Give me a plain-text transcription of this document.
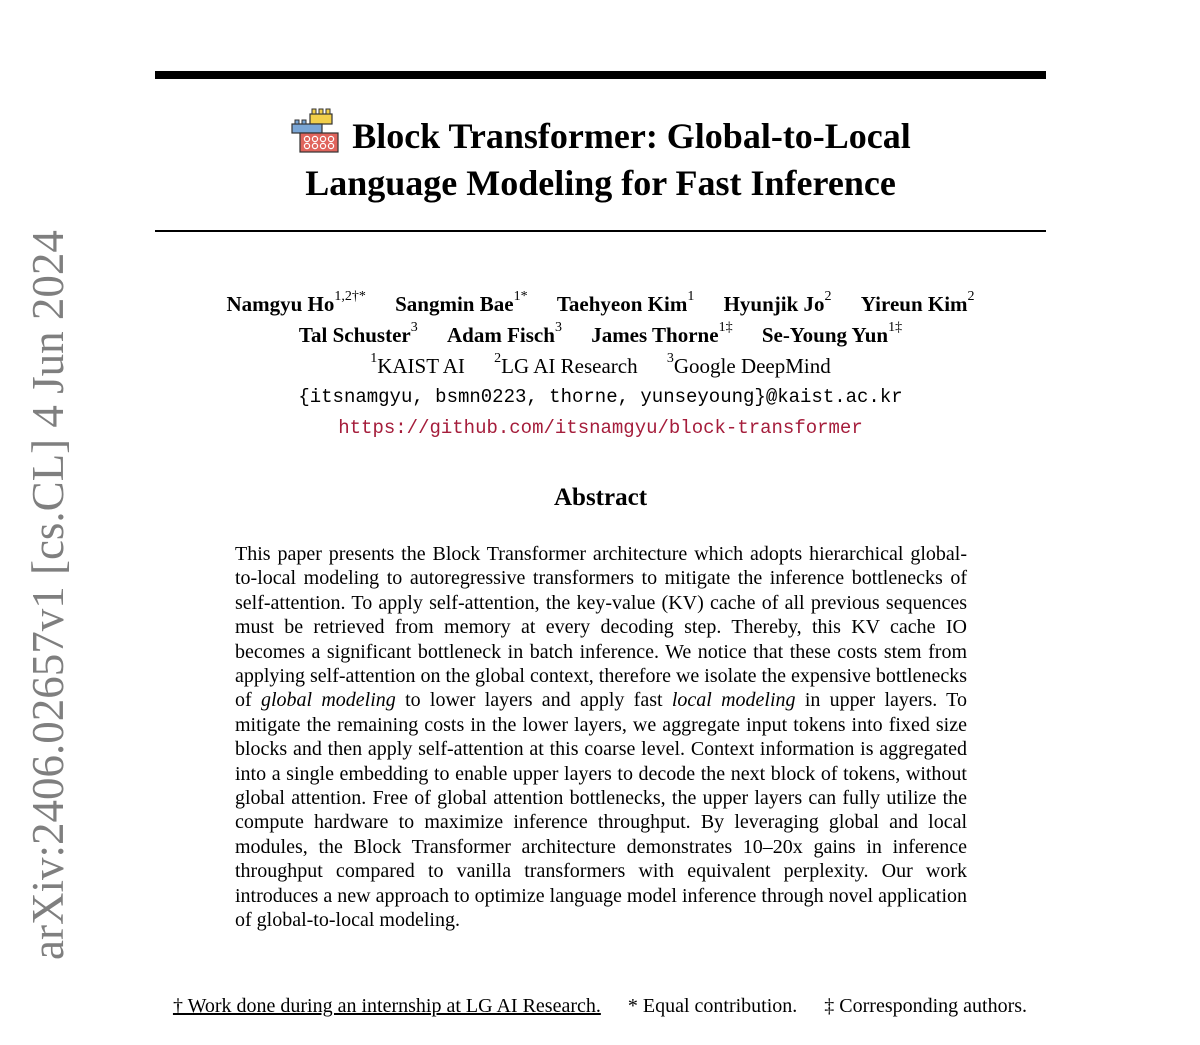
arXiv:2406.02657v1 [cs.CL] 4 Jun 2024
Block Transformer: Global-to-Local
Language Modeling for Fast Inference
Namgyu $Ho^{1,2\dagger*}$ Sangmin Bae$^{1*}$ Taehyeon Kim$^1$ Hyunjik Jo$^2$ Yireun Kim$^2$
Tal Schuster$^3$ Adam Fisch$^3$ James Thorne$^{1\ddagger}$ Se-Young Yun$^{1\ddagger}$
$^1$KAIST AI $^2$LG AI Research $^3$Google DeepMind
{itsnamgyu, bsmn0223, thorne, yunseyoung}@kaist.ac.kr
https://github.com/itsnamgyu/block-transformer
Abstract

This paper presents the Block Transformer architecture which adopts hierarchical global-to-local modeling to autoregressive transformers to mitigate the inference bottlenecks of self-attention. To apply self-attention, the key-value (KV) cache of all previous sequences must be retrieved from memory at every decoding step. Thereby, this KV cache IO becomes a significant bottleneck in batch inference. We notice that these costs stem from applying self-attention on the global context, therefore we isolate the expensive bottlenecks of global modeling to lower layers and apply fast local modeling in upper layers. To mitigate the remaining costs in the lower layers, we aggregate input tokens into fixed size blocks and then apply self-attention at this coarse level. Context information is aggregated into a single embedding to enable upper layers to decode the next block of tokens, without global attention. Free of global attention bottlenecks, the upper layers can fully utilize the compute hardware to maximize inference throughput. By leveraging global and local modules, the Block Transformer architecture demonstrates 10–20x gains in inference throughput compared to vanilla transformers with equivalent perplexity. Our work introduces a new approach to optimize language model inference through novel application of global-to-local modeling.

† Work done during an internship at LG AI Research. * Equal contribution. ‡ Corresponding authors.
